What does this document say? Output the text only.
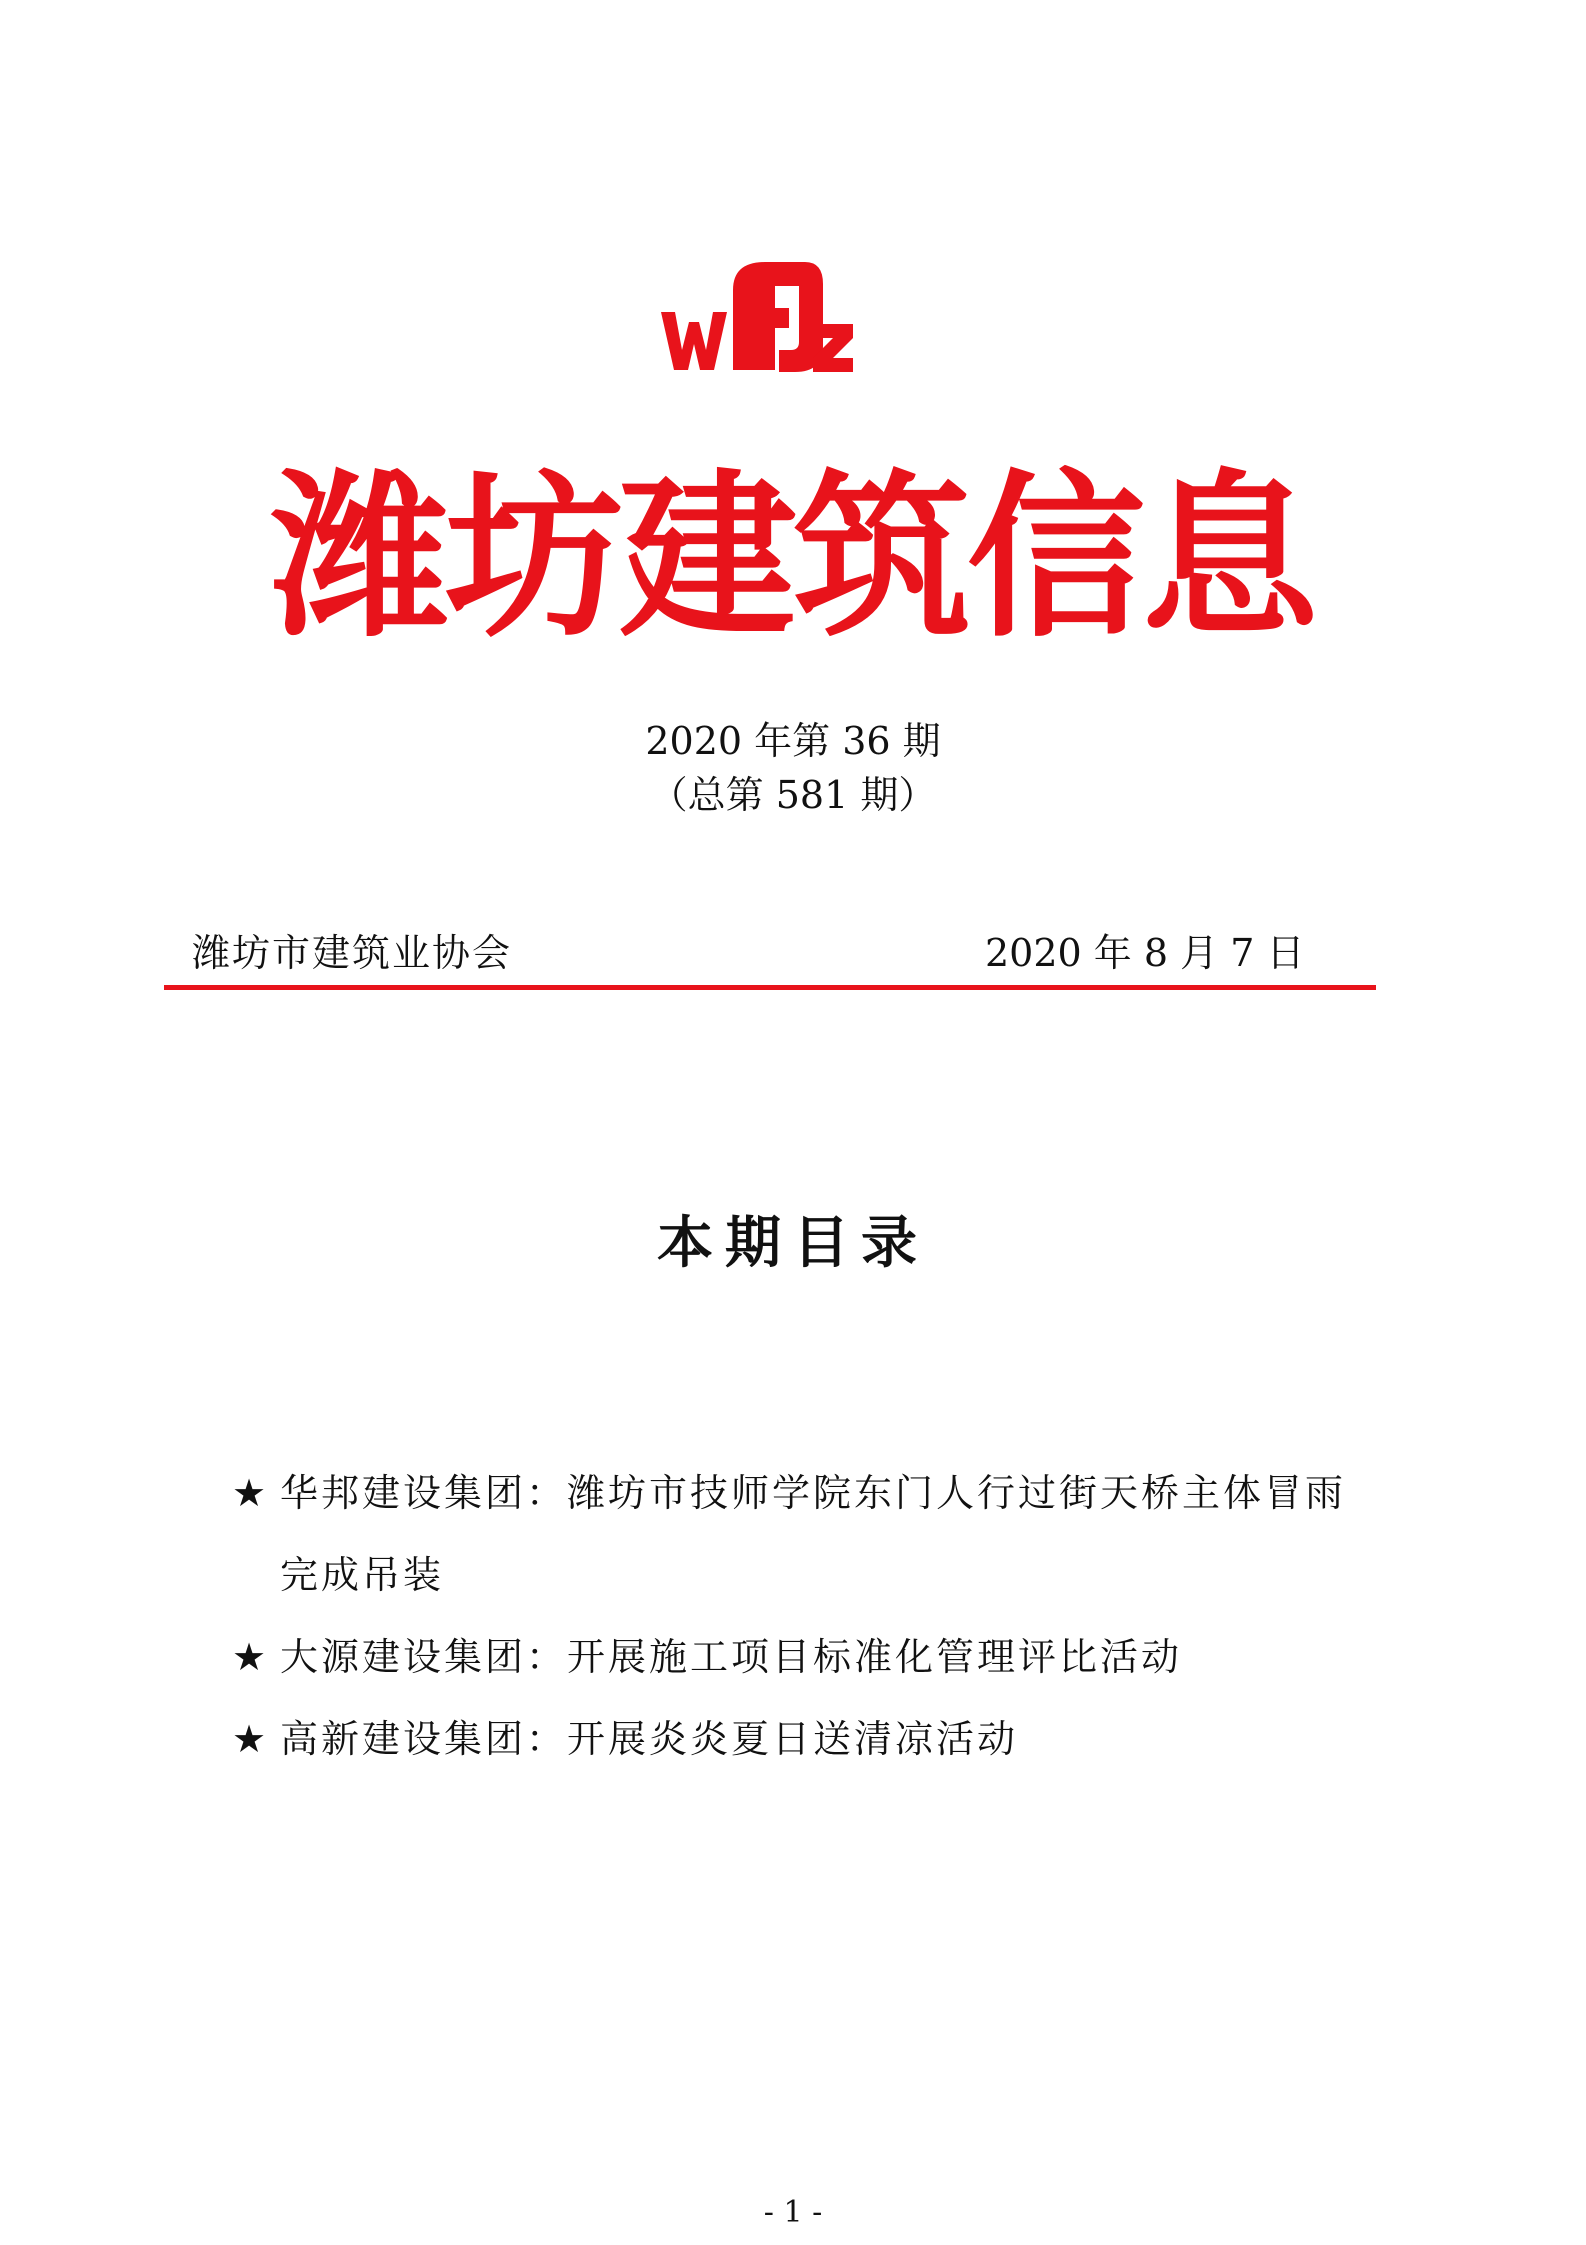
潍坊建筑信息
2020 年第 36 期
（总第 581 期）
潍坊市建筑业协会	2020 年 8 月 7 日
本期目录
★ 华邦建设集团：潍坊市技师学院东门人行过街天桥主体冒雨
完成吊装
★ 大源建设集团：开展施工项目标准化管理评比活动
★ 高新建设集团：开展炎炎夏日送清凉活动
- 1 -
